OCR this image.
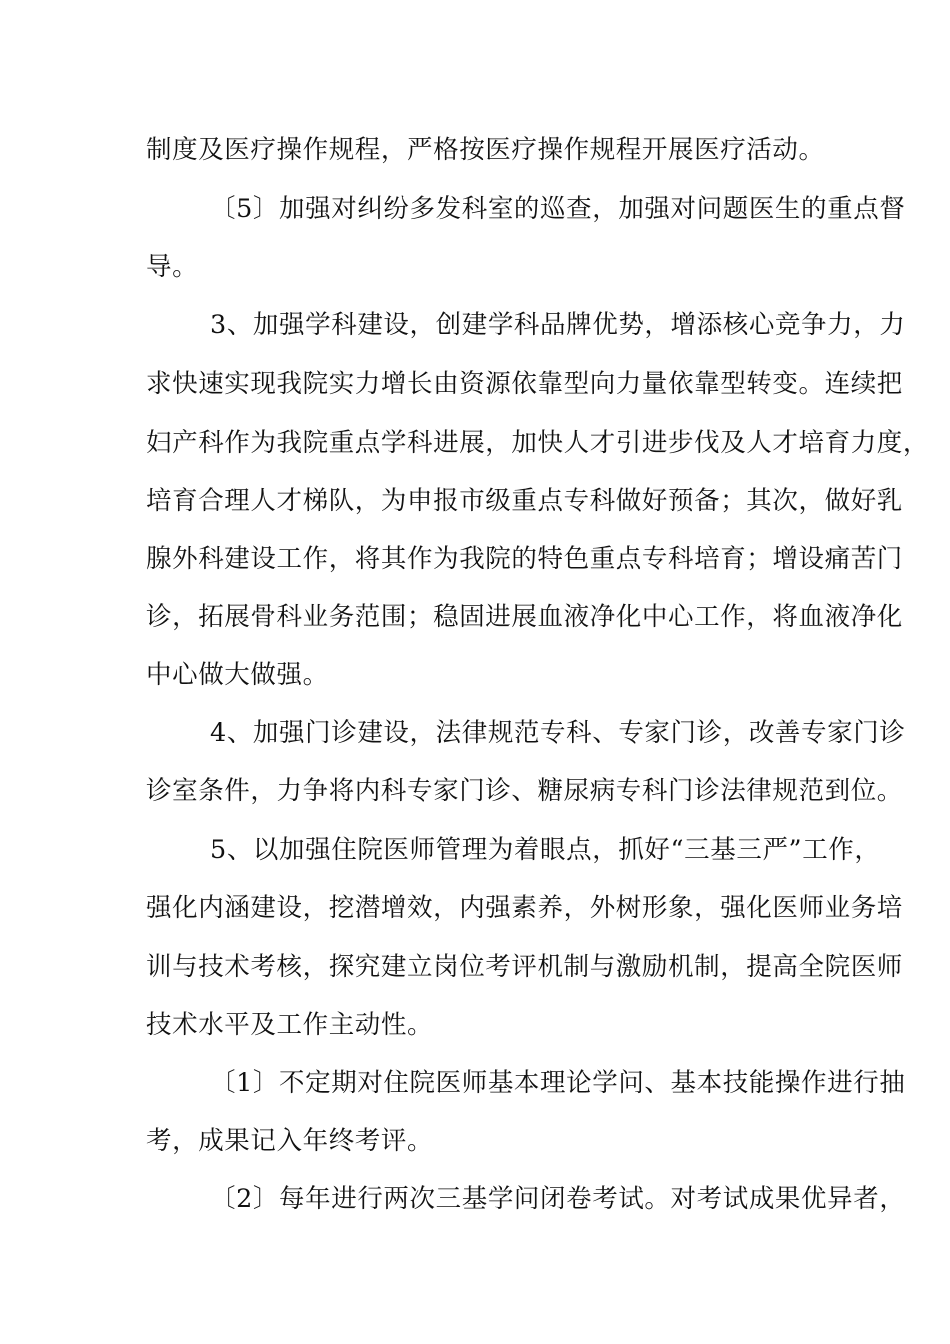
制度及医疗操作规程，严格按医疗操作规程开展医疗活动。
〔5〕加强对纠纷多发科室的巡查，加强对问题医生的重点督
导。
3、加强学科建设，创建学科品牌优势，增添核心竞争力，力
求快速实现我院实力增长由资源依靠型向力量依靠型转变。连续把
妇产科作为我院重点学科进展，加快人才引进步伐及人才培育力度，
培育合理人才梯队，为申报市级重点专科做好预备；其次，做好乳
腺外科建设工作，将其作为我院的特色重点专科培育；增设痛苦门
诊，拓展骨科业务范围；稳固进展血液净化中心工作，将血液净化
中心做大做强。
4、加强门诊建设，法律规范专科、专家门诊，改善专家门诊
诊室条件，力争将内科专家门诊、糖尿病专科门诊法律规范到位。
5、以加强住院医师管理为着眼点，抓好“三基三严”工作，
强化内涵建设，挖潜增效，内强素养，外树形象，强化医师业务培
训与技术考核，探究建立岗位考评机制与激励机制，提高全院医师
技术水平及工作主动性。
〔1〕不定期对住院医师基本理论学问、基本技能操作进行抽
考，成果记入年终考评。
〔2〕每年进行两次三基学问闭卷考试。对考试成果优异者，
